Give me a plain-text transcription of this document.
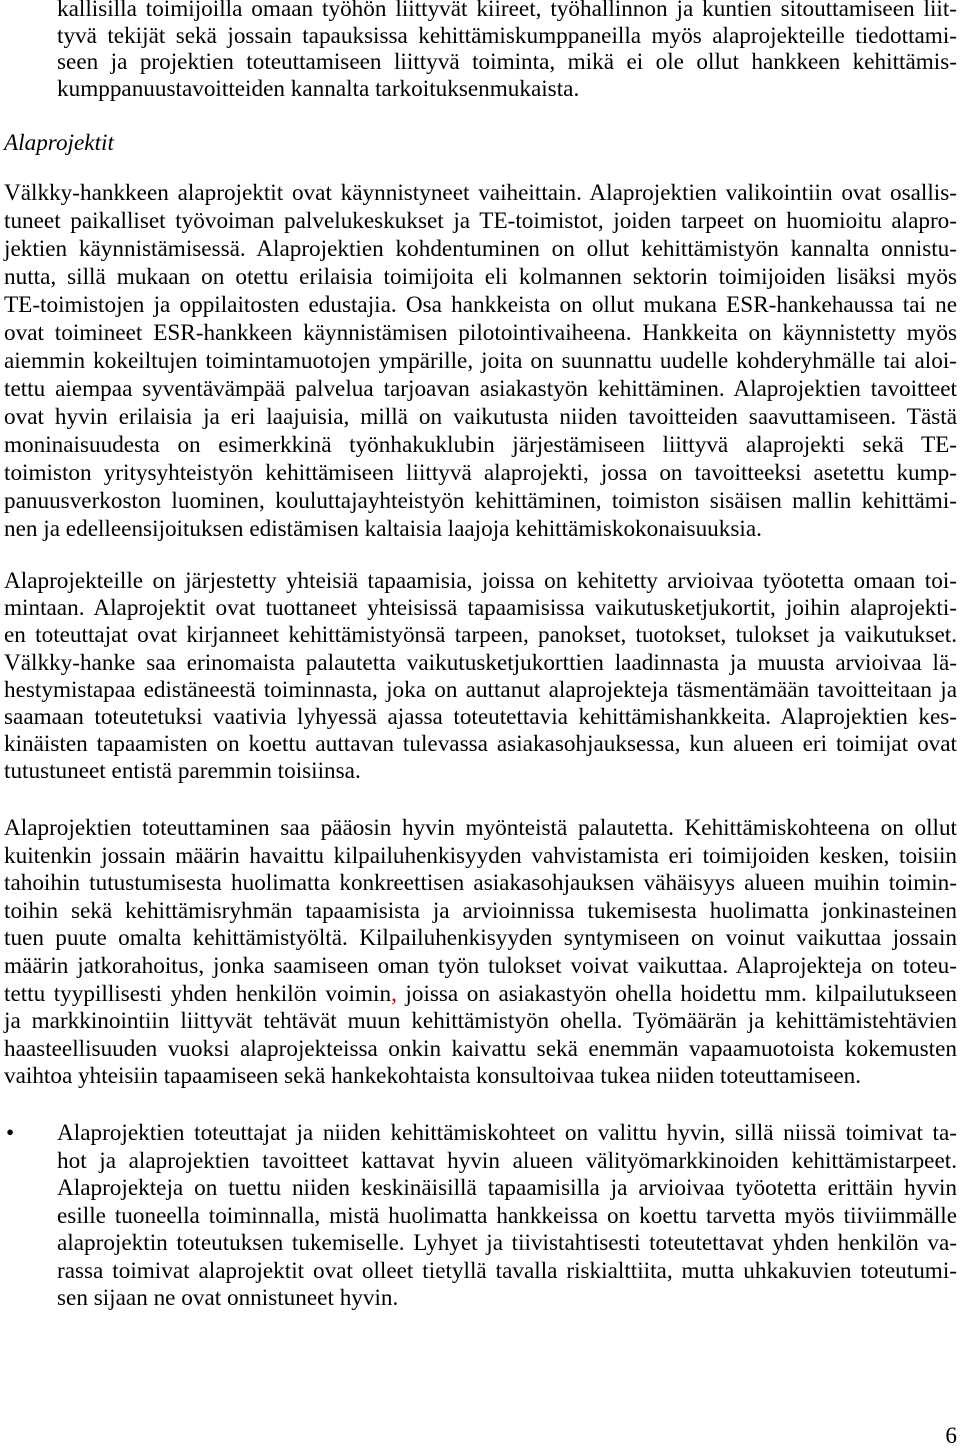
kallisilla toimijoilla omaan työhön liittyvät kiireet, työhallinnon ja kuntien sitouttamiseen liit-
tyvä tekijät sekä jossain tapauksissa kehittämiskumppaneilla myös alaprojekteille tiedottami-
seen ja projektien toteuttamiseen liittyvä toiminta, mikä ei ole ollut hankkeen kehittämis-
kumppanuustavoitteiden kannalta tarkoituksenmukaista.
Alaprojektit
Välkky-hankkeen alaprojektit ovat käynnistyneet vaiheittain. Alaprojektien valikointiin ovat osallis-
tuneet paikalliset työvoiman palvelukeskukset ja TE-toimistot, joiden tarpeet on huomioitu alapro-
jektien käynnistämisessä. Alaprojektien kohdentuminen on ollut kehittämistyön kannalta onnistu-
nutta, sillä mukaan on otettu erilaisia toimijoita eli kolmannen sektorin toimijoiden lisäksi myös
TE-toimistojen ja oppilaitosten edustajia. Osa hankkeista on ollut mukana ESR-hankehaussa tai ne
ovat toimineet ESR-hankkeen käynnistämisen pilotointivaiheena. Hankkeita on käynnistetty myös
aiemmin kokeiltujen toimintamuotojen ympärille, joita on suunnattu uudelle kohderyhmälle tai aloi-
tettu aiempaa syventävämpää palvelua tarjoavan asiakastyön kehittäminen. Alaprojektien tavoitteet
ovat hyvin erilaisia ja eri laajuisia, millä on vaikutusta niiden tavoitteiden saavuttamiseen. Tästä
moninaisuudesta on esimerkkinä työnhakuklubin järjestämiseen liittyvä alaprojekti sekä TE-
toimiston yritysyhteistyön kehittämiseen liittyvä alaprojekti, jossa on tavoitteeksi asetettu kump-
panuusverkoston luominen, kouluttajayhteistyön kehittäminen, toimiston sisäisen mallin kehittämi-
nen ja edelleensijoituksen edistämisen kaltaisia laajoja kehittämiskokonaisuuksia.
Alaprojekteille on järjestetty yhteisiä tapaamisia, joissa on kehitetty arvioivaa työotetta omaan toi-
mintaan. Alaprojektit ovat tuottaneet yhteisissä tapaamisissa vaikutusketjukortit, joihin alaprojekti-
en toteuttajat ovat kirjanneet kehittämistyönsä tarpeen, panokset, tuotokset, tulokset ja vaikutukset.
Välkky-hanke saa erinomaista palautetta vaikutusketjukorttien laadinnasta ja muusta arvioivaa lä-
hestymistapaa edistäneestä toiminnasta, joka on auttanut alaprojekteja täsmentämään tavoitteitaan ja
saamaan toteutetuksi vaativia lyhyessä ajassa toteutettavia kehittämishankkeita. Alaprojektien kes-
kinäisten tapaamisten on koettu auttavan tulevassa asiakasohjauksessa, kun alueen eri toimijat ovat
tutustuneet entistä paremmin toisiinsa.
Alaprojektien toteuttaminen saa pääosin hyvin myönteistä palautetta. Kehittämiskohteena on ollut
kuitenkin jossain määrin havaittu kilpailuhenkisyyden vahvistamista eri toimijoiden kesken, toisiin
tahoihin tutustumisesta huolimatta konkreettisen asiakasohjauksen vähäisyys alueen muihin toimin-
toihin sekä kehittämisryhmän tapaamisista ja arvioinnissa tukemisesta huolimatta jonkinasteinen
tuen puute omalta kehittämistyöltä. Kilpailuhenkisyyden syntymiseen on voinut vaikuttaa jossain
määrin jatkorahoitus, jonka saamiseen oman työn tulokset voivat vaikuttaa. Alaprojekteja on toteu-
tettu tyypillisesti yhden henkilön voimin, joissa on asiakastyön ohella hoidettu mm. kilpailutukseen
ja markkinointiin liittyvät tehtävät muun kehittämistyön ohella. Työmäärän ja kehittämistehtävien
haasteellisuuden vuoksi alaprojekteissa onkin kaivattu sekä enemmän vapaamuotoista kokemusten
vaihtoa yhteisiin tapaamiseen sekä hankekohtaista konsultoivaa tukea niiden toteuttamiseen.
• Alaprojektien toteuttajat ja niiden kehittämiskohteet on valittu hyvin, sillä niissä toimivat ta-
hot ja alaprojektien tavoitteet kattavat hyvin alueen välityömarkkinoiden kehittämistarpeet.
Alaprojekteja on tuettu niiden keskinäisillä tapaamisilla ja arvioivaa työotetta erittäin hyvin
esille tuoneella toiminnalla, mistä huolimatta hankkeissa on koettu tarvetta myös tiiviimmälle
alaprojektin toteutuksen tukemiselle. Lyhyet ja tiivistahtisesti toteutettavat yhden henkilön va-
rassa toimivat alaprojektit ovat olleet tietyllä tavalla riskialttiita, mutta uhkakuvien toteutumi-
sen sijaan ne ovat onnistuneet hyvin.
6
